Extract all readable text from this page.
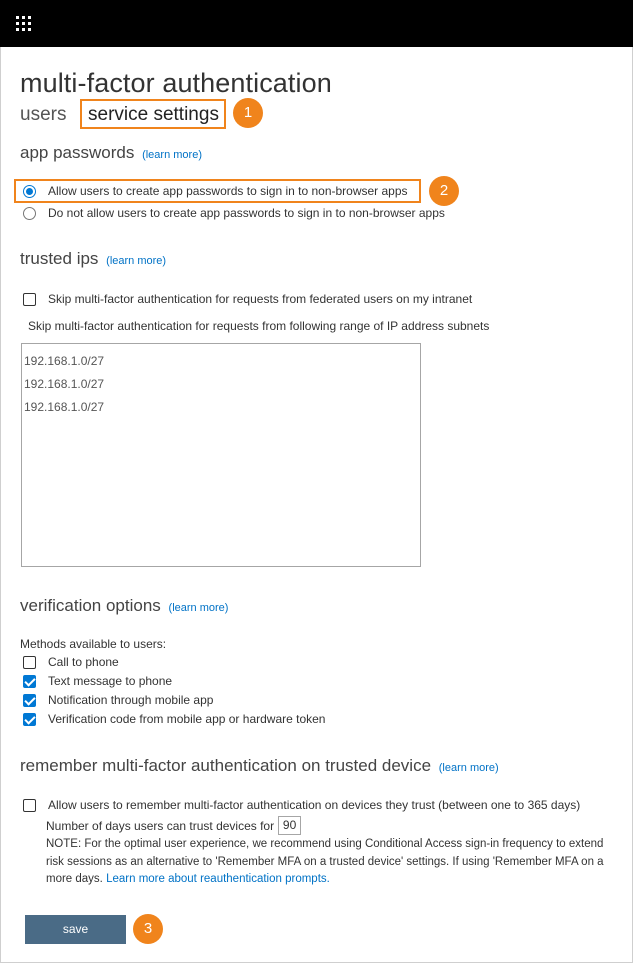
multi-factor authentication
users	service settings	1
app passwords (learn more)
Allow users to create app passwords to sign in to non-browser apps
Do not allow users to create app passwords to sign in to non-browser apps
2
trusted ips (learn more)
Skip multi-factor authentication for requests from federated users on my intranet
Skip multi-factor authentication for requests from following range of IP address subnets
192.168.1.0/27
192.168.1.0/27
192.168.1.0/27
verification options (learn more)
Methods available to users:
Call to phone
Text message to phone
Notification through mobile app
Verification code from mobile app or hardware token
remember multi-factor authentication on trusted device (learn more)
Allow users to remember multi-factor authentication on devices they trust (between one to 365 days)
Number of days users can trust devices for 90
NOTE: For the optimal user experience, we recommend using Conditional Access sign-in frequency to extend
risk sessions as an alternative to 'Remember MFA on a trusted device' settings. If using 'Remember MFA on a
more days. Learn more about reauthentication prompts.
save	3
